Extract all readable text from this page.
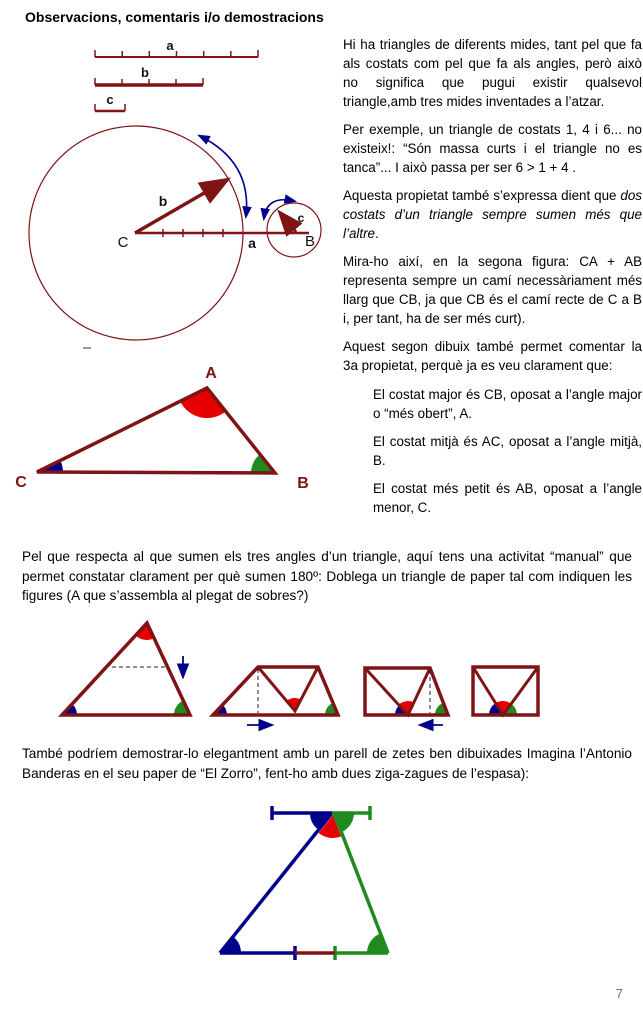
Observacions, comentaris i/o demostracions
a
b
c
b
a
c
C	B
A
B
C

Hi ha triangles de diferents mides, tant pel que fa als costats com pel que fa als angles, però això no significa que pugui existir qualsevol triangle,amb tres mides inventades a l’atzar.

Per exemple, un triangle de costats 1, 4 i 6... no existeix!: “Són massa curts i el triangle no es tanca”... I això passa per ser 6 > 1 + 4 .

Aquesta propietat també s’expressa dient que dos costats d’un triangle sempre sumen més que l’altre.

Mira-ho així, en la segona figura: CA + AB representa sempre un camí necessàriament més llarg que CB, ja que CB és el camí recte de C a B i, per tant, ha de ser més curt).

Aquest segon dibuix també permet comentar la 3a propietat, perquè ja es veu clarament que:

El costat major és CB, oposat a l’angle major o “més obert”, A.

El costat mitjà és AC, oposat a l’angle mitjà, B.

El costat més petit és AB, oposat a l’angle menor, C.

Pel que respecta al que sumen els tres angles d’un triangle, aquí tens una activitat “manual” que permet constatar clarament per què sumen 180º: Doblega un triangle de paper tal com indiquen les figures (A que s’assembla al plegat de sobres?)
També podríem demostrar-lo elegantment amb un parell de zetes ben dibuixades Imagina l’Antonio Banderas en el seu paper de “El Zorro”, fent-ho amb dues ziga-zagues de l’espasa):
7
